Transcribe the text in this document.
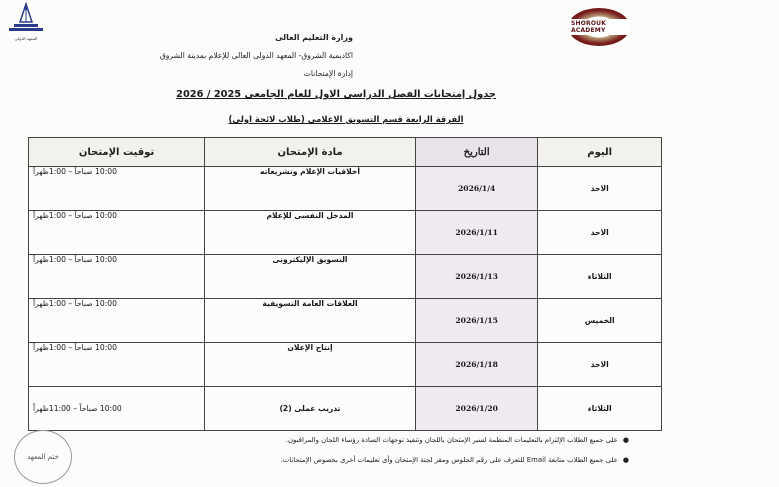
المعهد الدولى
SHOROUK ACADEMY
وزارة التعليم العالى
اكاديمية الشروق- المعهد الدولى العالى للإعلام بمدينة الشروق
إدارة الإمتحانات
جدول إمتحانات الفصل الدراسى الاول للعام الجامعى 2025 / 2026
الفرقة الرابعة قسم التسويق الاعلامى (طلاب لائحة اولى)
اليوم	التاريخ	مادة الإمتحان	توقيت الإمتحان
الاحد	2026/1/4	أخلاقيات الإعلام وتشريعاته	10:00 صباحاً – 1:00ظهراً
الاحد	2026/1/11	المدخل النفسى للإعلام	10:00 صباحاً – 1:00ظهراً
الثلاثاء	2026/1/13	التسويق الإليكترونى	10:00 صباحاً – 1:00ظهراً
الخميس	2026/1/15	العلاقات العامة التسويقية	10:00 صباحاً – 1:00ظهراً
الاحد	2026/1/18	إنتاج الإعلان	10:00 صباحاً – 1:00ظهراً
الثلاثاء	2026/1/20	تدريب عملى (2)	10:00 صباحاً – 11:00ظهراً
●
على جميع الطلاب الإلتزام بالتعليمات المنظمة لسير الإمتحان باللجان وتنفيذ توجهات السادة رؤساء اللجان والمراقبون.
●
على جميع الطلاب متابعة Email للتعرف على رقم الجلوس ومقر لجنة الإمتحان وأى تعليمات أخرى بخصوص الإمتحانات.
ختم المعهد
